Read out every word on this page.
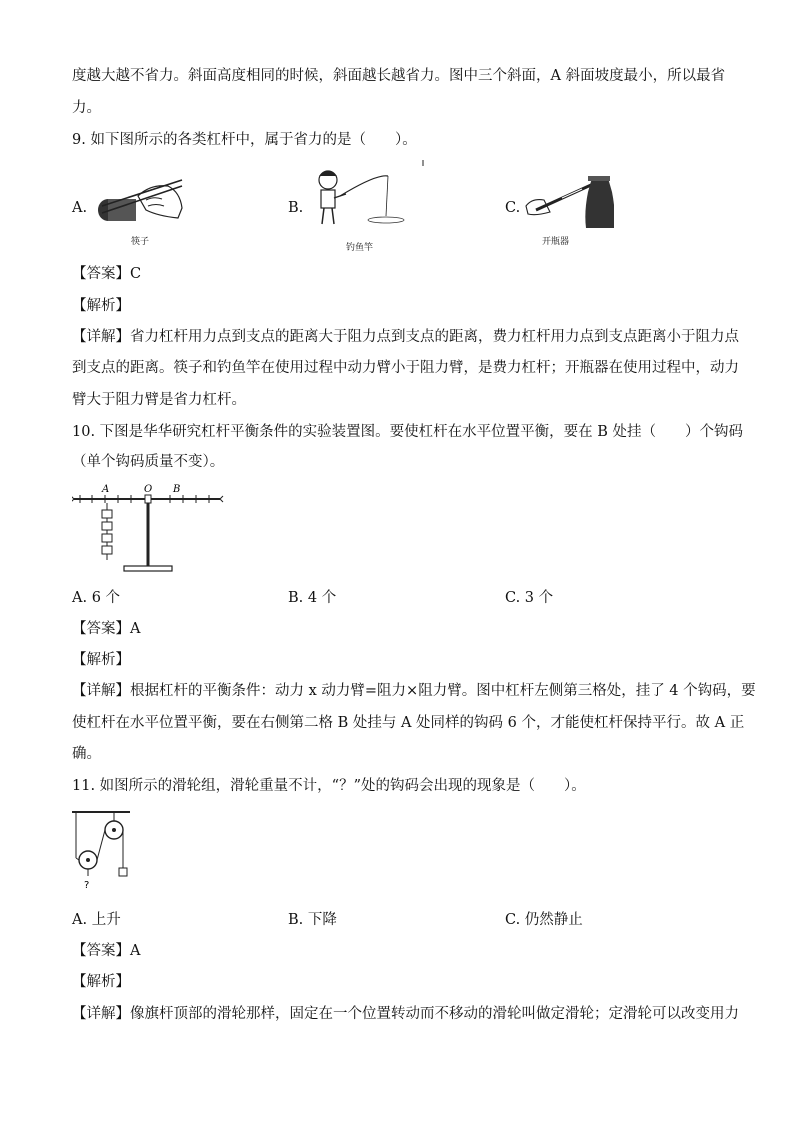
度越大越不省力。斜面高度相同的时候，斜面越长越省力。图中三个斜面，A 斜面坡度最小，所以最省
力。
9. 如下图所示的各类杠杆中，属于省力的是（　　）。
A.
筷子
B.
钓鱼竿
C.
开瓶器
【答案】C
【解析】
【详解】省力杠杆用力点到支点的距离大于阻力点到支点的距离，费力杠杆用力点到支点距离小于阻力点
到支点的距离。筷子和钓鱼竿在使用过程中动力臂小于阻力臂，是费力杠杆；开瓶器在使用过程中，动力
臂大于阻力臂是省力杠杆。
10. 下图是华华研究杠杆平衡条件的实验装置图。要使杠杆在水平位置平衡，要在 B 处挂（　　）个钩码
（单个钩码质量不变）。
A	O B
A. 6 个	B. 4 个	C. 3 个
【答案】A
【解析】
【详解】根据杠杆的平衡条件：动力 x 动力臂=阻力×阻力臂。图中杠杆左侧第三格处，挂了 4 个钩码，要
使杠杆在水平位置平衡，要在右侧第二格 B 处挂与 A 处同样的钩码 6 个，才能使杠杆保持平行。故 A 正
确。
11. 如图所示的滑轮组，滑轮重量不计，“？”处的钩码会出现的现象是（　　）。
?
A. 上升	B. 下降	C. 仍然静止
【答案】A
【解析】
【详解】像旗杆顶部的滑轮那样，固定在一个位置转动而不移动的滑轮叫做定滑轮；定滑轮可以改变用力
